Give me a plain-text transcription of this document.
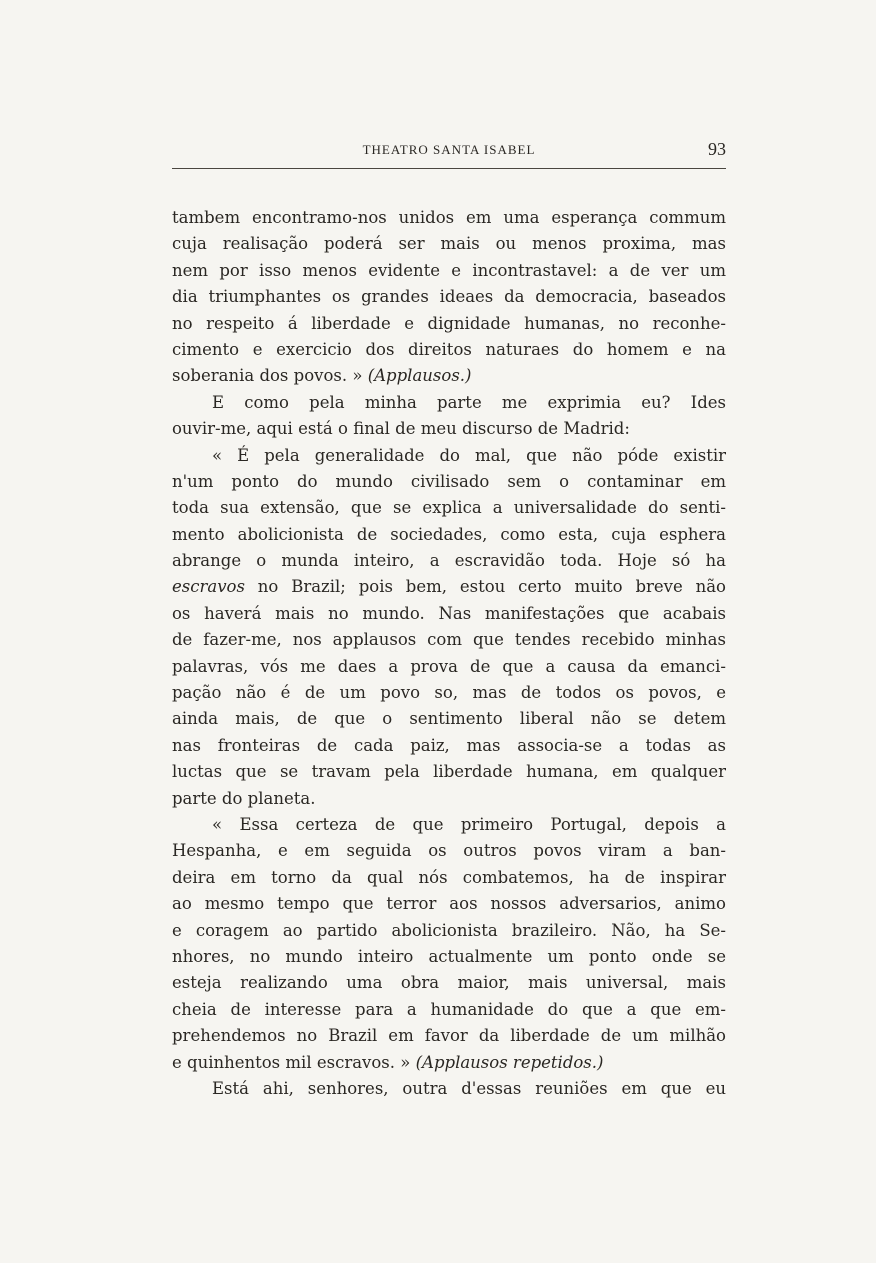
THEATRO SANTA ISABEL	93
tambem encontramo-nos unidos em uma esperança commum
cuja realisação poderá ser mais ou menos proxima, mas
nem por isso menos evidente e incontrastavel: a de ver um
dia triumphantes os grandes ideaes da democracia, baseados
no respeito á liberdade e dignidade humanas, no reconhe-
cimento e exercicio dos direitos naturaes do homem e na
soberania dos povos. » (Applausos.)
E como pela minha parte me exprimia eu? Ides
ouvir-me, aqui está o final de meu discurso de Madrid:
« É pela generalidade do mal, que não póde existir
n'um ponto do mundo civilisado sem o contaminar em
toda sua extensão, que se explica a universalidade do senti-
mento abolicionista de sociedades, como esta, cuja esphera
abrange o munda inteiro, a escravidão toda. Hoje só ha
escravos no Brazil; pois bem, estou certo muito breve não
os haverá mais no mundo. Nas manifestações que acabais
de fazer-me, nos applausos com que tendes recebido minhas
palavras, vós me daes a prova de que a causa da emanci-
pação não é de um povo so, mas de todos os povos, e
ainda mais, de que o sentimento liberal não se detem
nas fronteiras de cada paiz, mas associa-se a todas as
luctas que se travam pela liberdade humana, em qualquer
parte do planeta.
« Essa certeza de que primeiro Portugal, depois a
Hespanha, e em seguida os outros povos viram a ban-
deira em torno da qual nós combatemos, ha de inspirar
ao mesmo tempo que terror aos nossos adversarios, animo
e coragem ao partido abolicionista brazileiro. Não, ha Se-
nhores, no mundo inteiro actualmente um ponto onde se
esteja realizando uma obra maior, mais universal, mais
cheia de interesse para a humanidade do que a que em-
prehendemos no Brazil em favor da liberdade de um milhão
e quinhentos mil escravos. » (Applausos repetidos.)
Está ahi, senhores, outra d'essas reuniões em que eu
